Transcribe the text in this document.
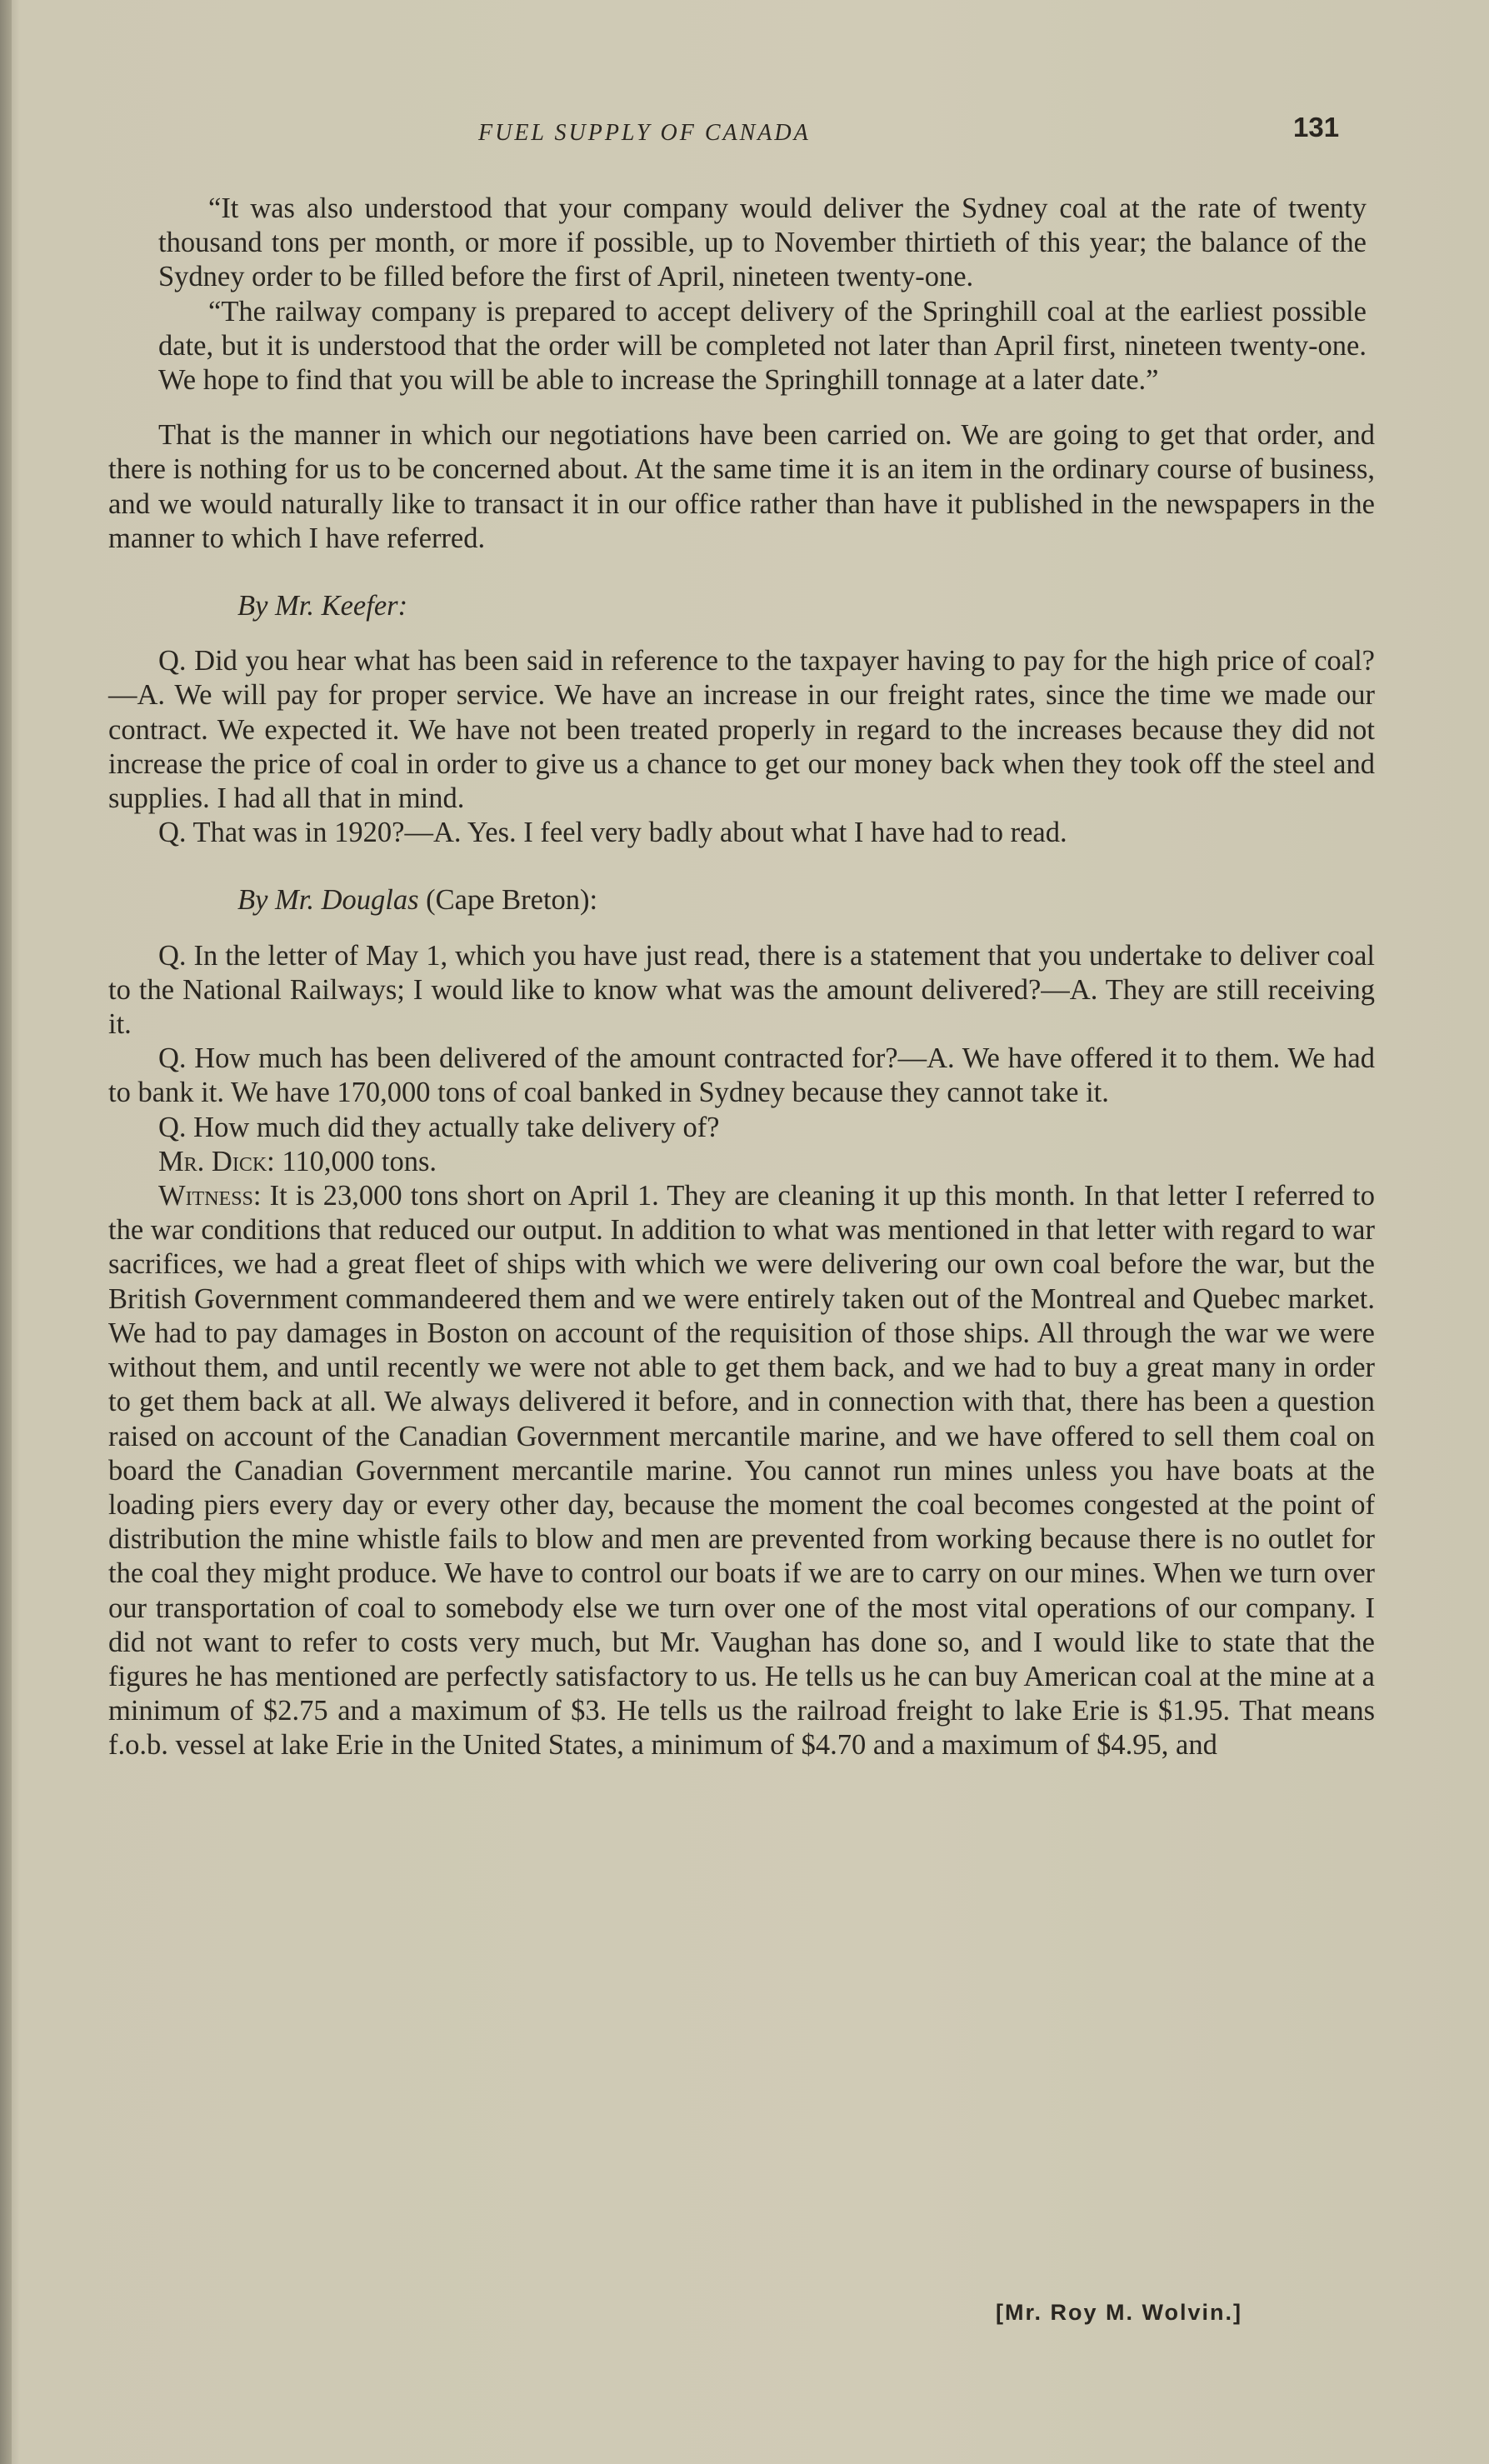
FUEL SUPPLY OF CANADA	131

“It was also understood that your company would deliver the Sydney coal at the rate of twenty thousand tons per month, or more if possible, up to November thirtieth of this year; the balance of the Sydney order to be filled before the first of April, nineteen twenty-one.

“The railway company is prepared to accept delivery of the Springhill coal at the earliest possible date, but it is understood that the order will be completed not later than April first, nineteen twenty-one. We hope to find that you will be able to increase the Springhill tonnage at a later date.”

That is the manner in which our negotiations have been carried on. We are going to get that order, and there is nothing for us to be concerned about. At the same time it is an item in the ordinary course of business, and we would naturally like to transact it in our office rather than have it published in the newspapers in the manner to which I have referred.

By Mr. Keefer:

Q. Did you hear what has been said in reference to the taxpayer having to pay for the high price of coal?—A. We will pay for proper service. We have an increase in our freight rates, since the time we made our contract. We expected it. We have not been treated properly in regard to the increases because they did not increase the price of coal in order to give us a chance to get our money back when they took off the steel and supplies. I had all that in mind.

Q. That was in 1920?—A. Yes. I feel very badly about what I have had to read.

By Mr. Douglas (Cape Breton):

Q. In the letter of May 1, which you have just read, there is a statement that you undertake to deliver coal to the National Railways; I would like to know what was the amount delivered?—A. They are still receiving it.

Q. How much has been delivered of the amount contracted for?—A. We have offered it to them. We had to bank it. We have 170,000 tons of coal banked in Sydney because they cannot take it.

Q. How much did they actually take delivery of?

Mr. Dick: 110,000 tons.

Witness: It is 23,000 tons short on April 1. They are cleaning it up this month. In that letter I referred to the war conditions that reduced our output. In addition to what was mentioned in that letter with regard to war sacrifices, we had a great fleet of ships with which we were delivering our own coal before the war, but the British Government commandeered them and we were entirely taken out of the Montreal and Quebec market. We had to pay damages in Boston on account of the requisition of those ships. All through the war we were without them, and until recently we were not able to get them back, and we had to buy a great many in order to get them back at all. We always delivered it before, and in connection with that, there has been a question raised on account of the Canadian Government mercantile marine, and we have offered to sell them coal on board the Canadian Government mercantile marine. You cannot run mines unless you have boats at the loading piers every day or every other day, because the moment the coal becomes congested at the point of distribution the mine whistle fails to blow and men are prevented from working because there is no outlet for the coal they might produce. We have to control our boats if we are to carry on our mines. When we turn over our transportation of coal to somebody else we turn over one of the most vital operations of our company. I did not want to refer to costs very much, but Mr. Vaughan has done so, and I would like to state that the figures he has mentioned are perfectly satisfactory to us. He tells us he can buy American coal at the mine at a minimum of $2.75 and a maximum of $3. He tells us the railroad freight to lake Erie is $1.95. That means f.o.b. vessel at lake Erie in the United States, a minimum of $4.70 and a maximum of $4.95, and

[Mr. Roy M. Wolvin.]
